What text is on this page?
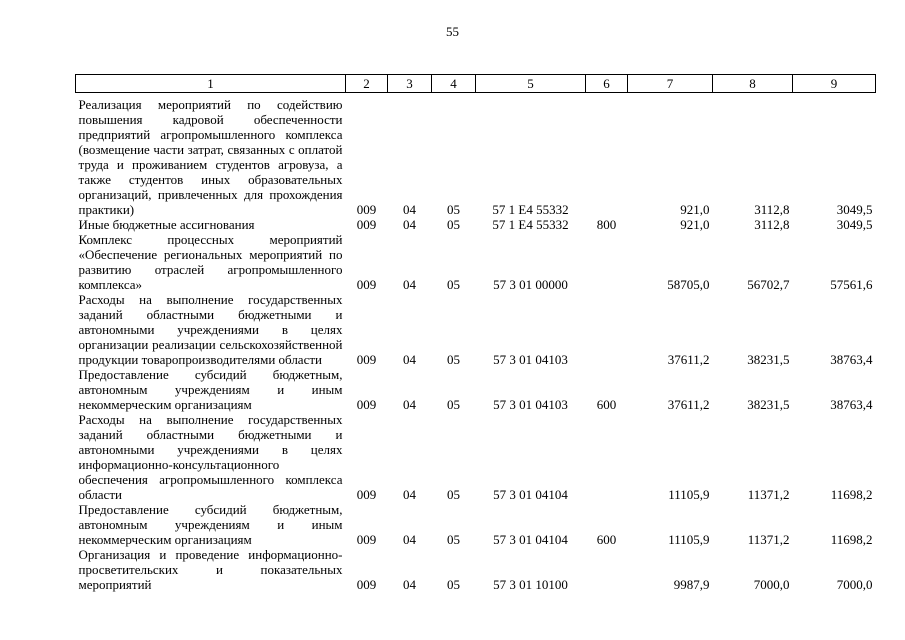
55
1	2	3	4	5	6	7	8	9
Реализация мероприятий по содействию повышения кадровой обеспеченности предприятий агропромышленного комплекса (возмещение части затрат, связанных с оплатой труда и проживанием студентов агровуза, а также студентов иных образовательных организаций, привлеченных для прохождения практики)	009	04	05	57 1 Е4 55332		921,0	3112,8	3049,5
Иные бюджетные ассигнования	009	04	05	57 1 Е4 55332	800	921,0	3112,8	3049,5
Комплекс процессных мероприятий «Обеспечение региональных мероприятий по развитию отраслей агропромышленного комплекса»	009	04	05	57 3 01 00000		58705,0	56702,7	57561,6
Расходы на выполнение государственных заданий областными бюджетными и автономными учреждениями в целях организации реализации сельскохозяйственной продукции товаропроизводителями области	009	04	05	57 3 01 04103		37611,2	38231,5	38763,4
Предоставление субсидий бюджетным, автономным учреждениям и иным некоммерческим организациям	009	04	05	57 3 01 04103	600	37611,2	38231,5	38763,4
Расходы на выполнение государственных заданий областными бюджетными и автономными учреждениями в целях информационно-консультационного обеспечения агропромышленного комплекса области	009	04	05	57 3 01 04104		11105,9	11371,2	11698,2
Предоставление субсидий бюджетным, автономным учреждениям и иным некоммерческим организациям	009	04	05	57 3 01 04104	600	11105,9	11371,2	11698,2
Организация и проведение информационно-просветительских и показательных мероприятий	009	04	05	57 3 01 10100		9987,9	7000,0	7000,0
